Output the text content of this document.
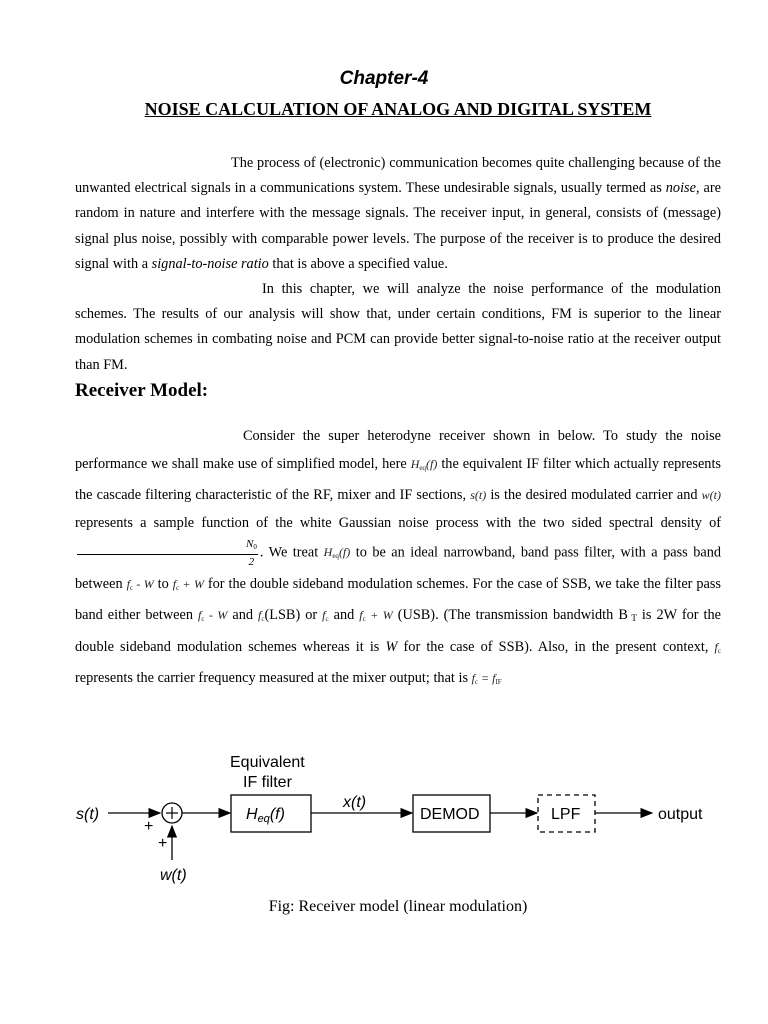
Chapter-4
NOISE CALCULATION OF ANALOG AND DIGITAL SYSTEM

The process of (electronic) communication becomes quite challenging because of the unwanted electrical signals in a communications system. These undesirable signals, usually termed as noise, are random in nature and interfere with the message signals. The receiver input, in general, consists of (message) signal plus noise, possibly with comparable power levels. The purpose of the receiver is to produce the desired signal with a signal-to-noise ratio that is above a specified value.

In this chapter, we will analyze the noise performance of the modulation schemes. The results of our analysis will show that, under certain conditions, FM is superior to the linear modulation schemes in combating noise and PCM can provide better signal-to-noise ratio at the receiver output than FM.

Receiver Model:

Consider the super heterodyne receiver shown in below. To study the noise performance we shall make use of simplified model, here $H_{eq}(f)$ the equivalent IF filter which actually represents the cascade filtering characteristic of the RF, mixer and IF sections, s(t) is the desired modulated carrier and w(t) represents a sample function of the white Gaussian noise process with the two sided spectral density of
$\frac{N_0}{2}$ . We treat $H_{eq}(f)$ to be an ideal narrowband, band pass filter, with a pass band between $f_c$ - W to $f_c + W$ for the double sideband modulation schemes. For the case of SSB, we take the filter pass band either between $f_c$ - W and $f_c(LSB)$ or $f_c$ and $f_c + W$ (USB). (The transmission bandwidth B $_T$ is 2W for the double sideband modulation schemes whereas it is W for the case of SSB). Also, in the present context, $f_c$ represents the carrier frequency measured at the mixer output; that is $f_c = f_{IF}$

s(t)
+
+
w(t)
Equivalent
IF filter
Heq(f)
x(t)
DEMOD	LPF	output
Fig: Receiver model (linear modulation)
